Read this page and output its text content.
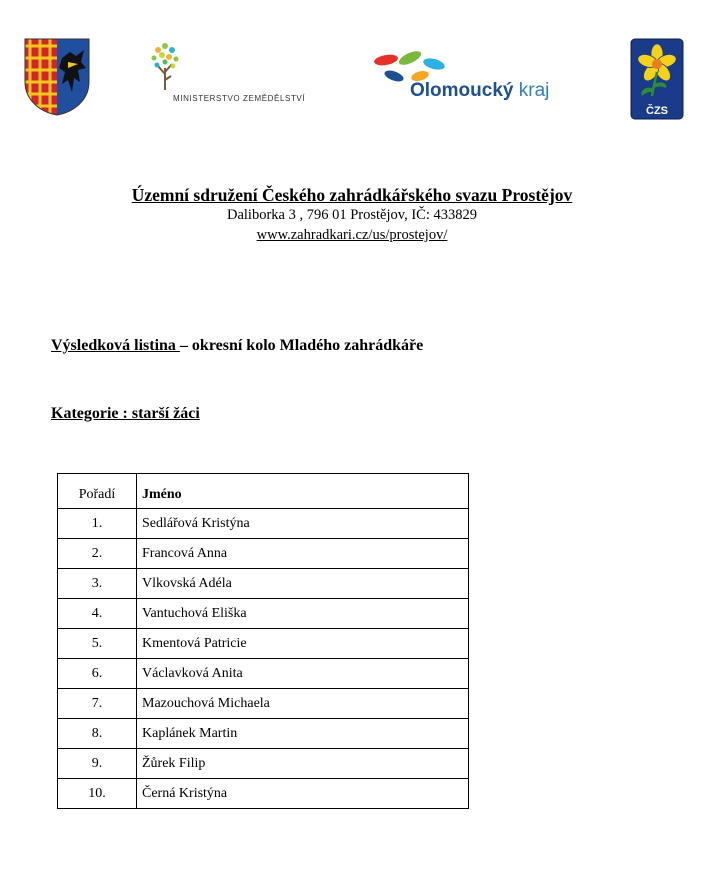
MINISTERSTVO ZEMĚDĚLSTVÍ	Olomoucký kraj
ČZS
Územní sdružení Českého zahrádkářského svazu Prostějov
Daliborka 3 , 796 01 Prostějov, IČ: 433829
www.zahradkari.cz/us/prostejov/
Výsledková listina – okresní kolo Mladého zahrádkáře
Kategorie : starší žáci
Pořadí	Jméno
1.	Sedlářová Kristýna
2.	Francová Anna
3.	Vlkovská Adéla
4.	Vantuchová Eliška
5.	Kmentová Patricie
6.	Václavková Anita
7.	Mazouchová Michaela
8.	Kaplánek Martin
9.	Žůrek Filip
10.	Černá Kristýna
